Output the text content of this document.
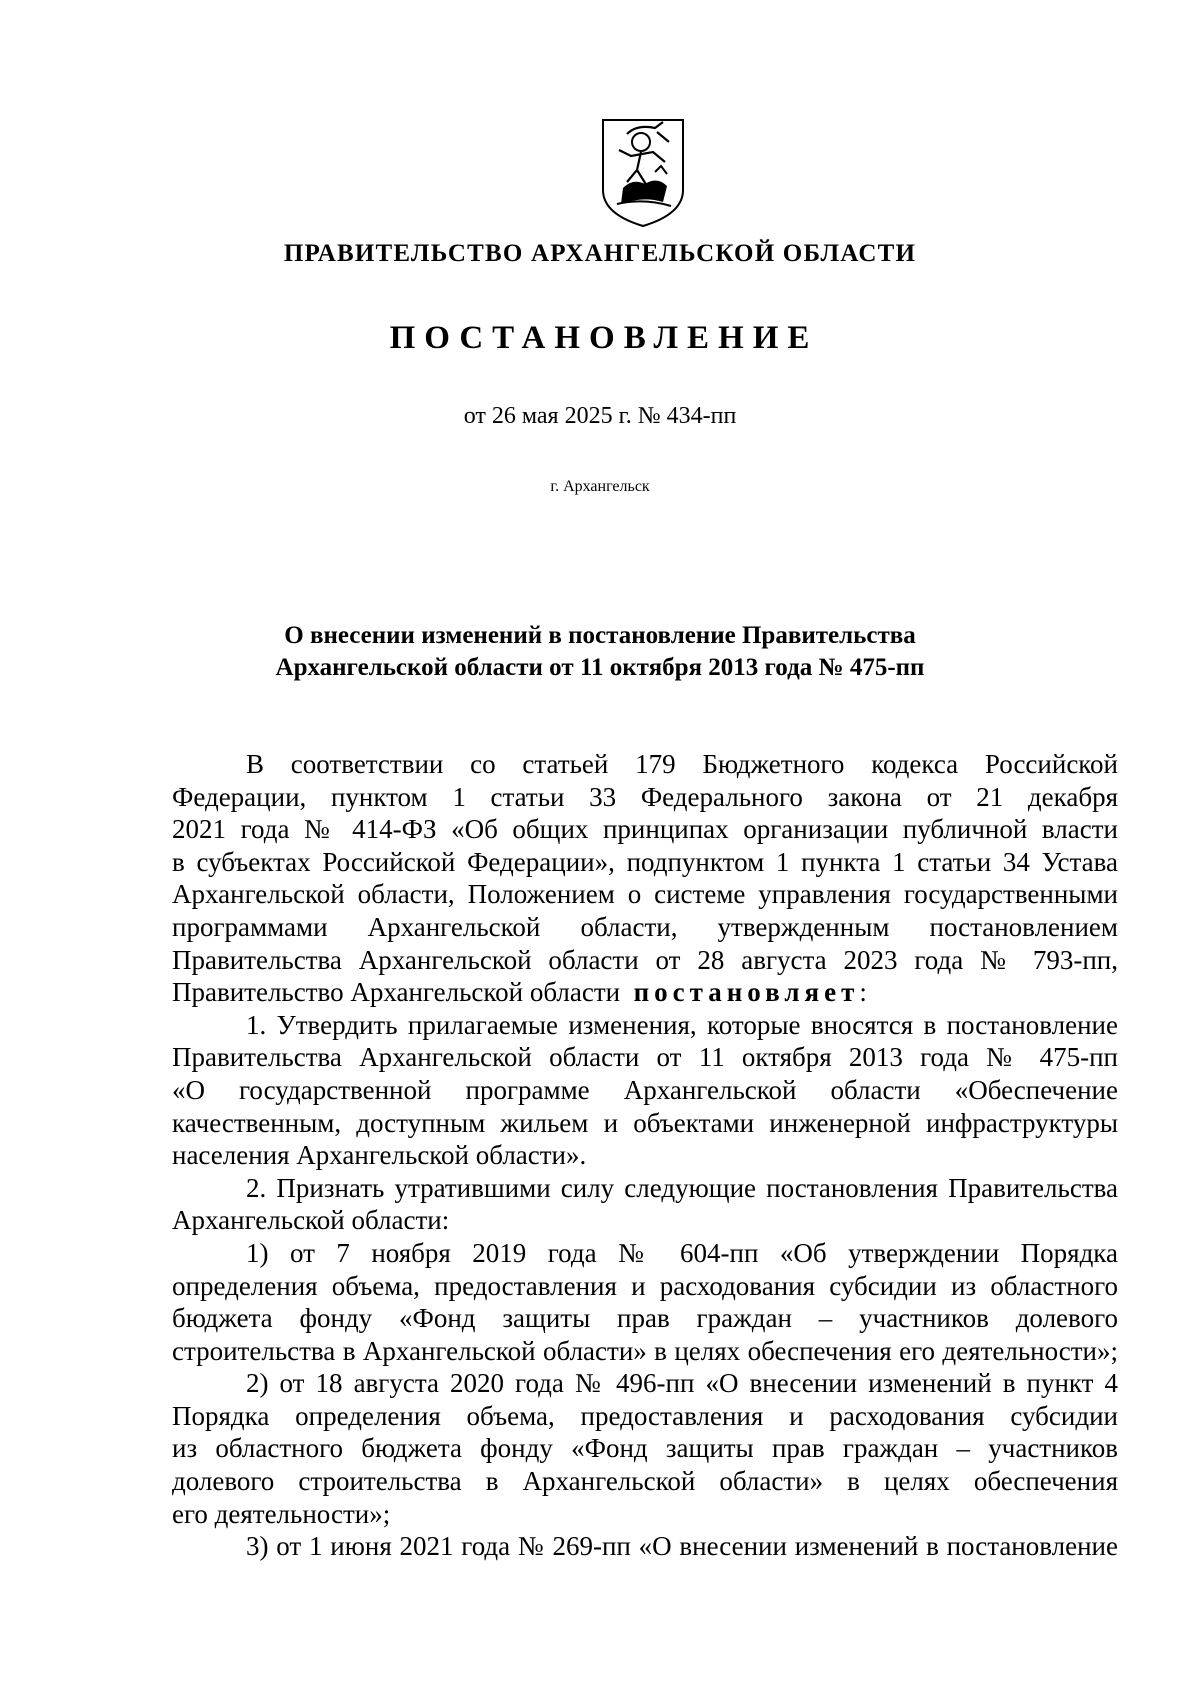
ПРАВИТЕЛЬСТВО АРХАНГЕЛЬСКОЙ ОБЛАСТИ
ПОСТАНОВЛЕНИЕ
от 26 мая 2025 г. № 434-пп
г. Архангельск
О внесении изменений в постановление Правительства
Архангельской области от 11 октября 2013 года № 475-пп

В соответствии со статьей 179 Бюджетного кодекса Российской

Федерации, пунктом 1 статьи 33 Федерального закона от 21 декабря

2021 года № 414-ФЗ «Об общих принципах организации публичной власти

в субъектах Российской Федерации», подпунктом 1 пункта 1 статьи 34 Устава

Архангельской области, Положением о системе управления государственными

программами Архангельской области, утвержденным постановлением

Правительства Архангельской области от 28 августа 2023 года № 793-пп,

Правительство Архангельской области постановляет:

1. Утвердить прилагаемые изменения, которые вносятся в постановление

Правительства Архангельской области от 11 октября 2013 года № 475-пп

«О государственной программе Архангельской области «Обеспечение

качественным, доступным жильем и объектами инженерной инфраструктуры

населения Архангельской области».

2. Признать утратившими силу следующие постановления Правительства

Архангельской области:

1) от 7 ноября 2019 года № 604-пп «Об утверждении Порядка

определения объема, предоставления и расходования субсидии из областного

бюджета фонду «Фонд защиты прав граждан – участников долевого

строительства в Архангельской области» в целях обеспечения его деятельности»;

2) от 18 августа 2020 года № 496-пп «О внесении изменений в пункт 4

Порядка определения объема, предоставления и расходования субсидии

из областного бюджета фонду «Фонд защиты прав граждан – участников

долевого строительства в Архангельской области» в целях обеспечения

его деятельности»;

3) от 1 июня 2021 года № 269-пп «О внесении изменений в постановление
